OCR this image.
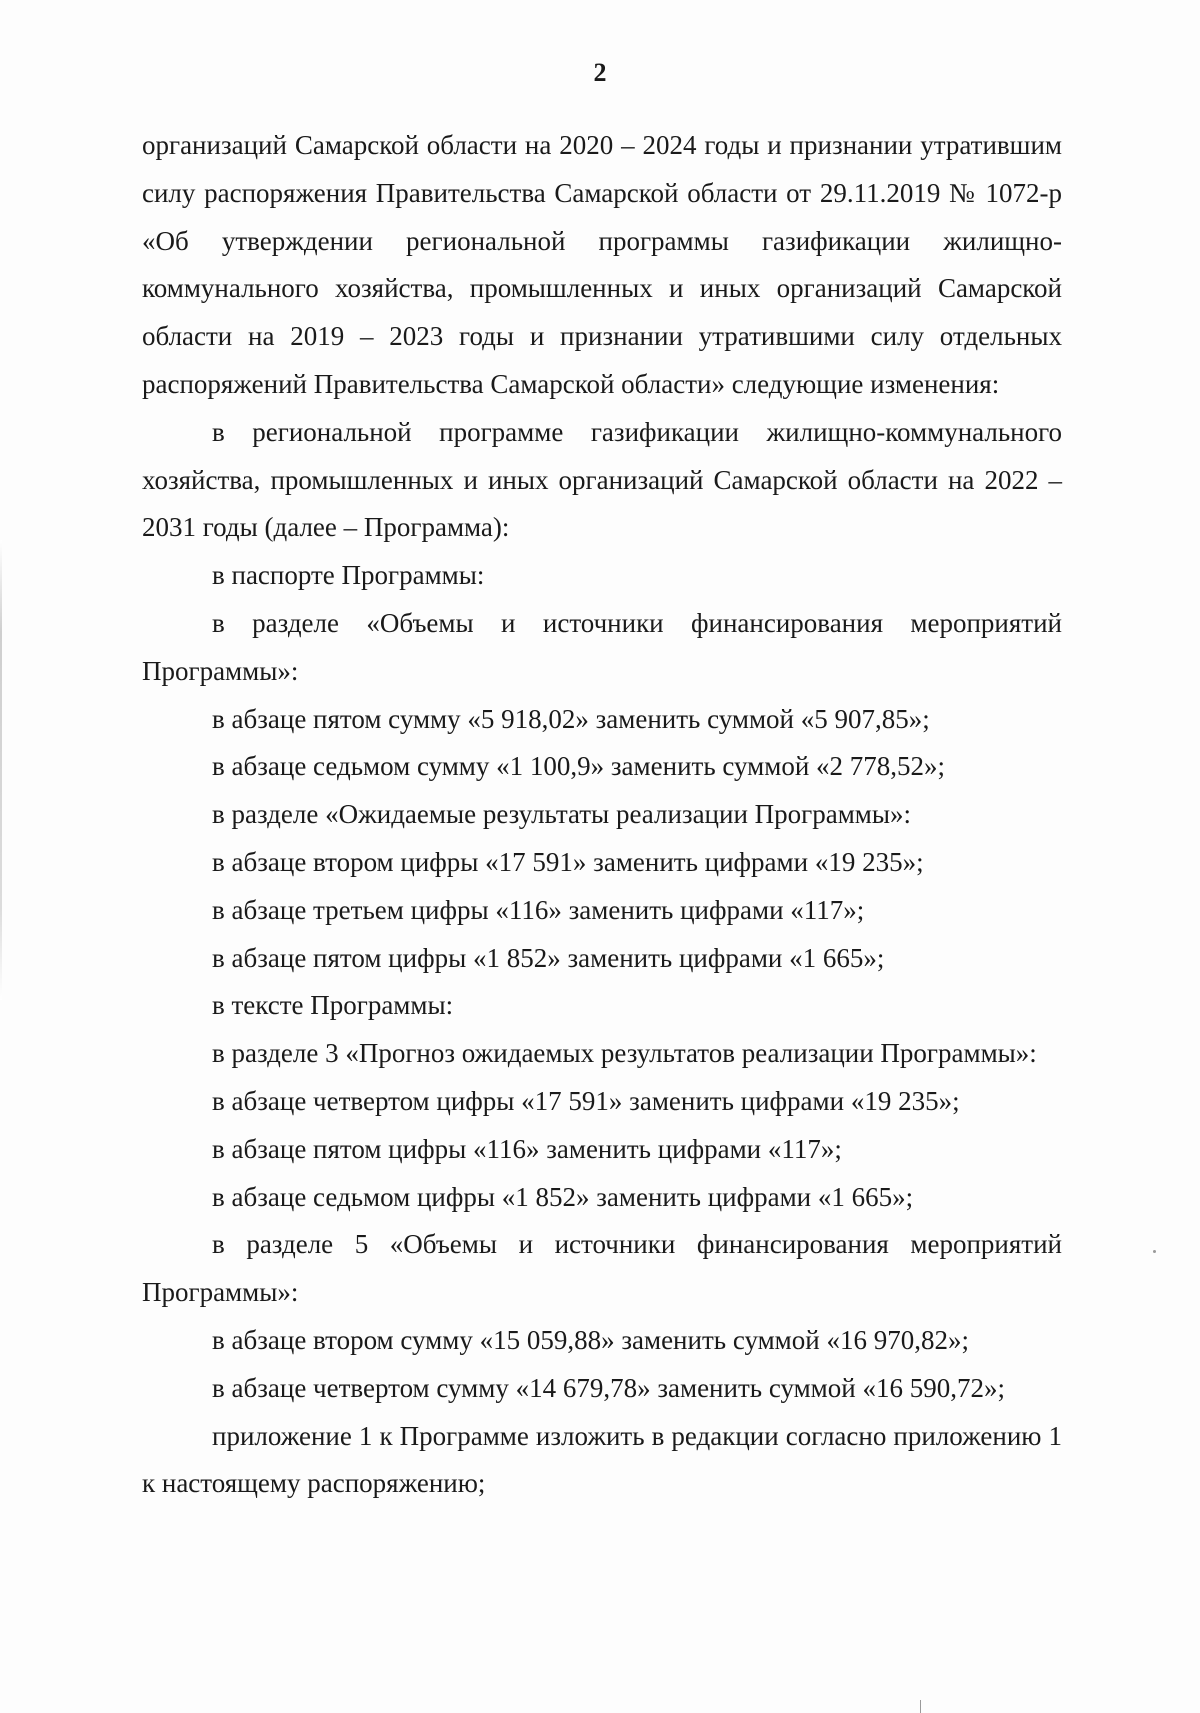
2

организаций Самарской области на 2020 – 2024 годы и признании утратившим силу распоряжения Правительства Самарской области от 29.11.2019 № 1072-р «Об утверждении региональной программы газификации жилищно-коммунального хозяйства, промышленных и иных организаций Самарской области на 2019 – 2023 годы и признании утратившими силу отдельных распоряжений Правительства Самарской области» следующие изменения:

в региональной программе газификации жилищно-коммунального хозяйства, промышленных и иных организаций Самарской области на 2022 – 2031 годы (далее – Программа):

в паспорте Программы:

в разделе «Объемы и источники финансирования мероприятий Программы»:

в абзаце пятом сумму «5 918,02» заменить суммой «5 907,85»;

в абзаце седьмом сумму «1 100,9» заменить суммой «2 778,52»;

в разделе «Ожидаемые результаты реализации Программы»:

в абзаце втором цифры «17 591» заменить цифрами «19 235»;

в абзаце третьем цифры «116» заменить цифрами «117»;

в абзаце пятом цифры «1 852» заменить цифрами «1 665»;

в тексте Программы:

в разделе 3 «Прогноз ожидаемых результатов реализации Программы»:

в абзаце четвертом цифры «17 591» заменить цифрами «19 235»;

в абзаце пятом цифры «116» заменить цифрами «117»;

в абзаце седьмом цифры «1 852» заменить цифрами «1 665»;

в разделе 5 «Объемы и источники финансирования мероприятий Программы»:

в абзаце втором сумму «15 059,88» заменить суммой «16 970,82»;

в абзаце четвертом сумму «14 679,78» заменить суммой «16 590,72»;

приложение 1 к Программе изложить в редакции согласно приложению 1 к настоящему распоряжению;
